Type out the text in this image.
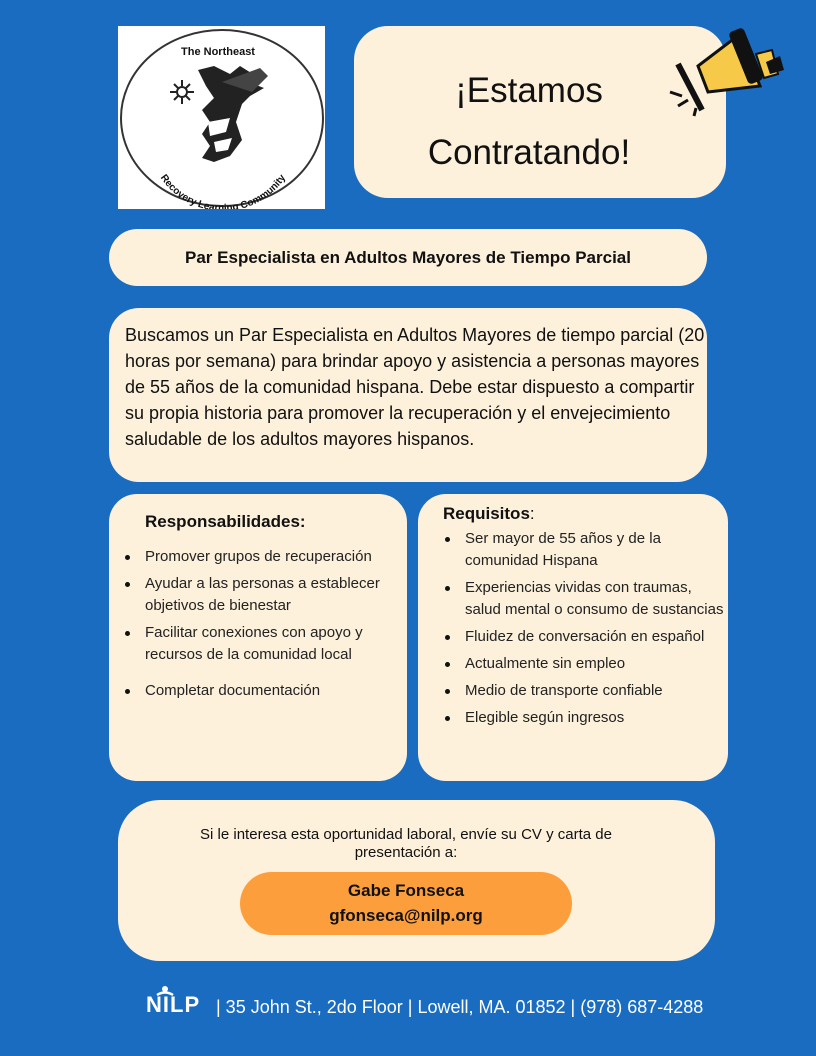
The Northeast
Recovery Learning Community
¡Estamos
Contratando!
Par Especialista en Adultos Mayores de Tiempo Parcial

Buscamos un Par Especialista en Adultos Mayores de tiempo parcial (20 horas por semana) para brindar apoyo y asistencia a personas mayores de 55 años de la comunidad hispana. Debe estar dispuesto a compartir su propia historia para promover la recuperación y el envejecimiento saludable de los adultos mayores hispanos.

Responsabilidades:
Promover grupos de recuperación
Ayudar a las personas a establecer objetivos de bienestar
Facilitar conexiones con apoyo y recursos de la comunidad local
Completar documentación
Requisitos:
Ser mayor de 55 años y de la comunidad Hispana
Experiencias vividas con traumas, salud mental o consumo de sustancias
Fluidez de conversación en español
Actualmente sin empleo
Medio de transporte confiable
Elegible según ingresos

Si le interesa esta oportunidad laboral, envíe su CV y carta de presentación a:

Gabe Fonseca
gfonseca@nilp.org
NILP | 35 John St., 2do Floor | Lowell, MA. 01852 | (978) 687-4288
